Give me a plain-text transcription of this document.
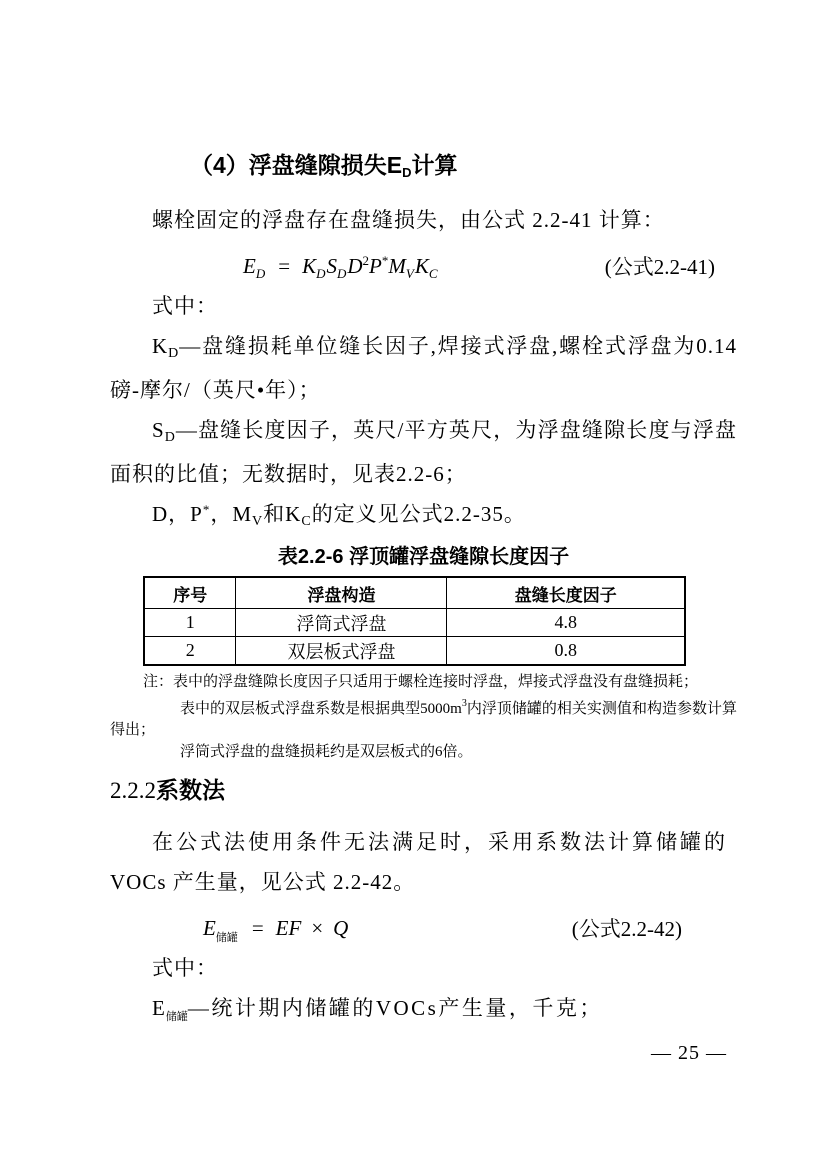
（4）浮盘缝隙损失ED计算

螺栓固定的浮盘存在盘缝损失，由公式 2.2-41 计算：

$E_D = K_DS_DD^2P^*M_VK_C$	(公式2.2-41)

式中：

KD—盘缝损耗单位缝长因子,焊接式浮盘,螺栓式浮盘为0.14磅-摩尔/（英尺•年）；

SD—盘缝长度因子，英尺/平方英尺，为浮盘缝隙长度与浮盘面积的比值；无数据时，见表2.2-6；

D，P*，MV和KC的定义见公式2.2-35。

表2.2-6 浮顶罐浮盘缝隙长度因子
序号	浮盘构造	盘缝长度因子
1	浮筒式浮盘	4.8
2	双层板式浮盘	0.8

注：表中的浮盘缝隙长度因子只适用于螺栓连接时浮盘，焊接式浮盘没有盘缝损耗；

表中的双层板式浮盘系数是根据典型$5000m^3$内浮顶储罐的相关实测值和构造参数计算得出；

浮筒式浮盘的盘缝损耗约是双层板式的6倍。

2.2.2系数法

在公式法使用条件无法满足时，采用系数法计算储罐的
VOCs 产生量，见公式 2.2-42。

$E_{储罐}$ = EF × Q	(公式2.2-42)

式中：

$E_{储罐}—$统计期内储罐的VOCs产生量，千克；

— 25 —
